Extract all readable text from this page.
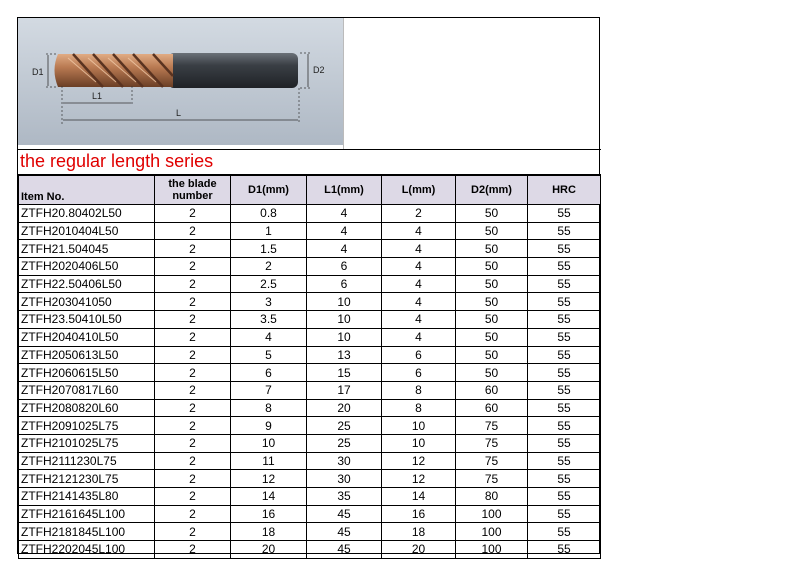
D1	D2
L1
L
the regular length series
Item No.	the blade number	D1(mm)	L1(mm)	L(mm)	D2(mm)	HRC
ZTFH20.80402L50	2	0.8	4	2	50	55
ZTFH2010404L50	2	1	4	4	50	55
ZTFH21.504045	2	1.5	4	4	50	55
ZTFH2020406L50	2	2	6	4	50	55
ZTFH22.50406L50	2	2.5	6	4	50	55
ZTFH203041050	2	3	10	4	50	55
ZTFH23.50410L50	2	3.5	10	4	50	55
ZTFH2040410L50	2	4	10	4	50	55
ZTFH2050613L50	2	5	13	6	50	55
ZTFH2060615L50	2	6	15	6	50	55
ZTFH2070817L60	2	7	17	8	60	55
ZTFH2080820L60	2	8	20	8	60	55
ZTFH2091025L75	2	9	25	10	75	55
ZTFH2101025L75	2	10	25	10	75	55
ZTFH2111230L75	2	11	30	12	75	55
ZTFH2121230L75	2	12	30	12	75	55
ZTFH2141435L80	2	14	35	14	80	55
ZTFH2161645L100	2	16	45	16	100	55
ZTFH2181845L100	2	18	45	18	100	55
ZTFH2202045L100	2	20	45	20	100	55
